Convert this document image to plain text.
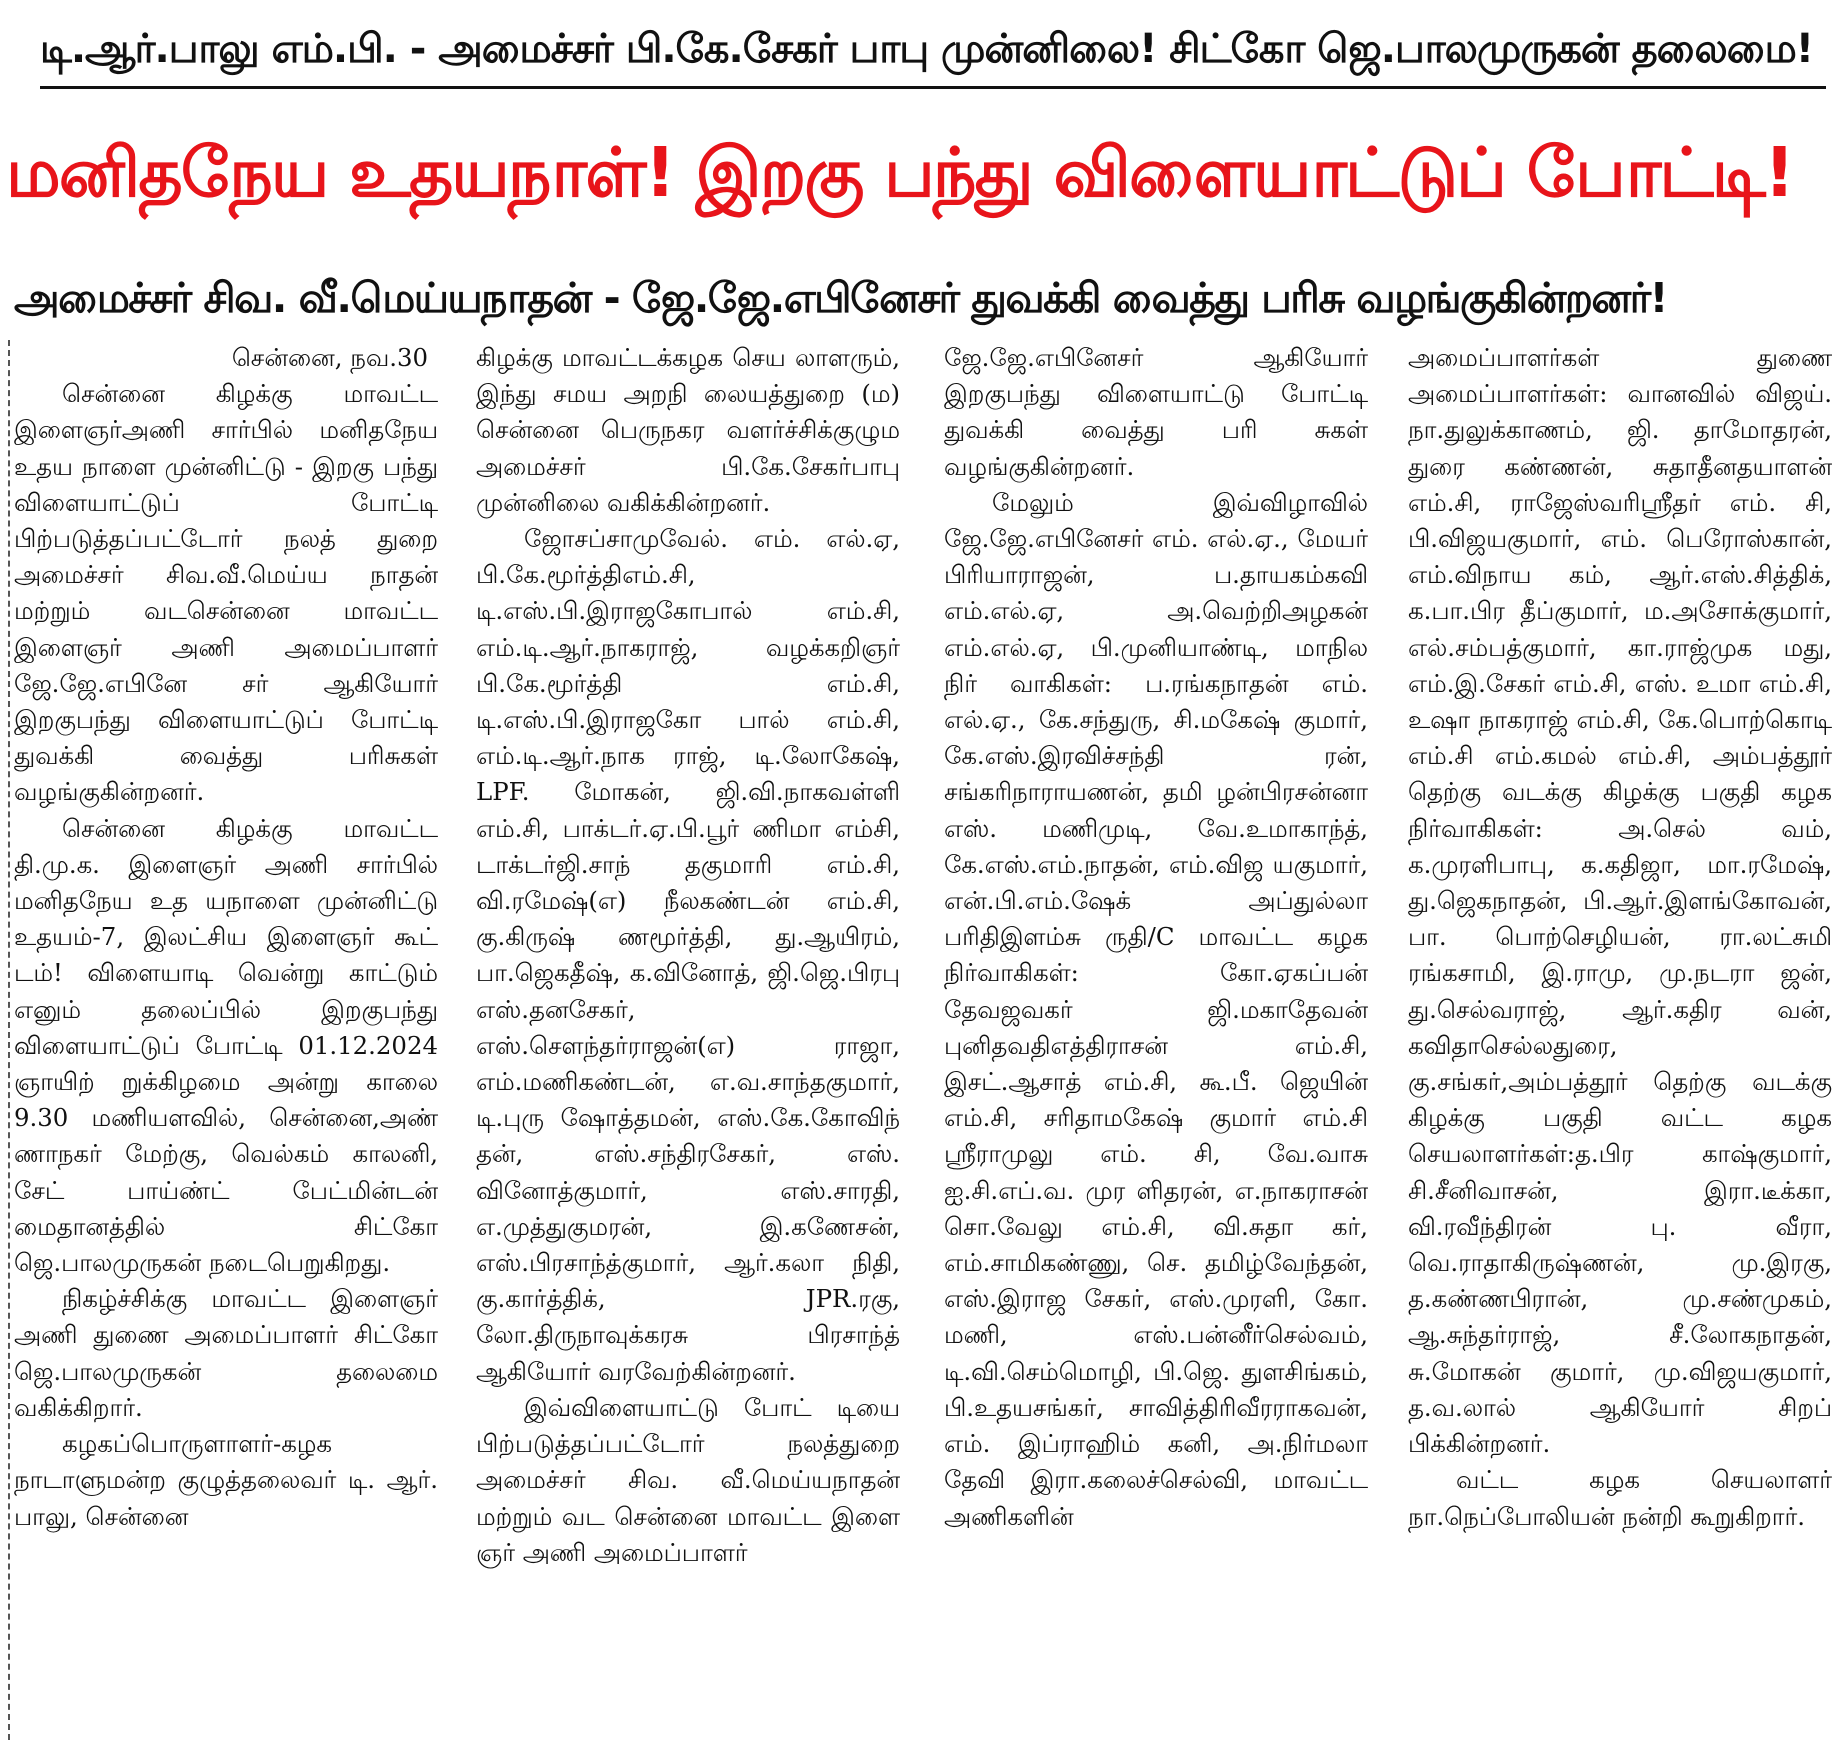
டி.ஆர்.பாலு எம்.பி. - அமைச்சர் பி.கே.சேகர் பாபு முன்னிலை! சிட்கோ ஜெ.பாலமுருகன் தலைமை!
மனிதநேய உதயநாள்! இறகு பந்து விளையாட்டுப் போட்டி!
அமைச்சர் சிவ. வீ.மெய்யநாதன் - ஜே.ஜே.எபினேசர் துவக்கி வைத்து பரிசு வழங்குகின்றனர்!

சென்னை, நவ.30

சென்னை கிழக்கு மாவட்ட இளைஞர்அணி சார்பில் மனிதநேய உதய நாளை முன்னிட்டு - இறகு பந்து விளையாட்டுப் போட்டி பிற்படுத்தப்பட்டோர் நலத் துறை அமைச்சர் சிவ.வீ.மெய்ய நாதன் மற்றும் வடசென்னை மாவட்ட இளைஞர் அணி அமைப்பாளர் ஜே.ஜே.எபினே சர் ஆகியோர் இறகுபந்து விளையாட்டுப் போட்டி துவக்கி வைத்து பரிசுகள் வழங்குகின்றனர்.

சென்னை கிழக்கு மாவட்ட தி.மு.க. இளைஞர் அணி சார்பில் மனிதநேய உத யநாளை முன்னிட்டு உதயம்-7, இலட்சிய இளைஞர் கூட் டம்! விளையாடி வென்று காட்டும் எனும் தலைப்பில் இறகுபந்து விளையாட்டுப் போட்டி 01.12.2024 ஞாயிற் றுக்கிழமை அன்று காலை 9.30 மணியளவில், சென்னை,அண் ணாநகர் மேற்கு, வெல்கம் காலனி, சேட் பாய்ண்ட் பேட்மின்டன் மைதானத்தில் சிட்கோ ஜெ.பாலமுருகன் நடைபெறுகிறது.

நிகழ்ச்சிக்கு மாவட்ட இளைஞர் அணி துணை அமைப்பாளர் சிட்கோ ஜெ.பாலமுருகன் தலைமை வகிக்கிறார்.

கழகப்பொருளாளர்-கழக நாடாளுமன்ற குழுத்தலைவர் டி. ஆர். பாலு, சென்னை

கிழக்கு மாவட்டக்கழக செய லாளரும், இந்து சமய அறநி லையத்துறை (ம) சென்னை பெருநகர வளர்ச்சிக்குழும அமைச்சர் பி.கே.சேகர்பாபு முன்னிலை வகிக்கின்றனர்.

ஜோசப்சாமுவேல். எம். எல்.ஏ, பி.கே.மூர்த்திஎம்.சி, டி.எஸ்.பி.இராஜகோபால் எம்.சி, எம்.டி.ஆர்.நாகராஜ், வழக்கறிஞர் பி.கே.மூர்த்தி எம்.சி, டி.எஸ்.பி.இராஜகோ பால் எம்.சி, எம்.டி.ஆர்.நாக ராஜ், டி.லோகேஷ், LPF. மோகன், ஜி.வி.நாகவள்ளி எம்.சி, பாக்டர்.ஏ.பி.பூர் ணிமா எம்சி, டாக்டர்ஜி.சாந் தகுமாரி எம்.சி, வி.ரமேஷ்(எ) நீலகண்டன் எம்.சி, கு.கிருஷ் ணமூர்த்தி, து.ஆயிரம், பா.ஜெகதீஷ், க.வினோத், ஜி.ஜெ.பிரபு எஸ்.தனசேகர், எஸ்.சௌந்தர்ராஜன்(எ) ராஜா, எம்.மணிகண்டன், எ.வ.சாந்தகுமார், டி.புரு ஷோத்தமன், எஸ்.கே.கோவிந் தன், எஸ்.சந்திரசேகர், எஸ். வினோத்குமார், எஸ்.சாரதி, எ.முத்துகுமரன், இ.கணேசன், எஸ்.பிரசாந்த்குமார், ஆர்.கலா நிதி, கு.கார்த்திக், JPR.ரகு, லோ.திருநாவுக்கரசு பிரசாந்த் ஆகியோர் வரவேற்கின்றனர்.

இவ்விளையாட்டு போட் டியை பிற்படுத்தப்பட்டோர் நலத்துறை அமைச்சர் சிவ. வீ.மெய்யநாதன் மற்றும் வட சென்னை மாவட்ட இளை ஞர் அணி அமைப்பாளர்

ஜே.ஜே.எபினேசர் ஆகியோர் இறகுபந்து விளையாட்டு போட்டி துவக்கி வைத்து பரி சுகள் வழங்குகின்றனர்.

மேலும் இவ்விழாவில் ஜே.ஜே.எபினேசர் எம். எல்.ஏ., மேயர் பிரியாராஜன், ப.தாயகம்கவி எம்.எல்.ஏ, அ.வெற்றிஅழகன் எம்.எல்.ஏ, பி.முனியாண்டி, மாநில நிர் வாகிகள்: ப.ரங்கநாதன் எம். எல்.ஏ., கே.சந்துரு, சி.மகேஷ் குமார், கே.எஸ்.இரவிச்சந்தி ரன், சங்கரிநாராயணன், தமி ழன்பிரசன்னா எஸ். மணிமுடி, வே.உமாகாந்த், கே.எஸ்.எம்.நாதன், எம்.விஜ யகுமார், என்.பி.எம்.ஷேக் அப்துல்லா பரிதிஇளம்சு ருதி/C மாவட்ட கழக நிர்வாகிகள்: கோ.ஏகப்பன் தேவஜவகர் ஜி.மகாதேவன் புனிதவதிஎத்திராசன் எம்.சி, இசட்.ஆசாத் எம்.சி, கூ.பீ. ஜெயின் எம்.சி, சரிதாமகேஷ் குமார் எம்.சி ஸ்ரீராமுலு எம். சி, வே.வாசு ஐ.சி.எப்.வ. முர ளிதரன், எ.நாகராசன் சொ.வேலு எம்.சி, வி.சுதா கர், எம்.சாமிகண்ணு, செ. தமிழ்வேந்தன், எஸ்.இராஜ சேகர், எஸ்.முரளி, கோ. மணி, எஸ்.பன்னீர்செல்வம், டி.வி.செம்மொழி, பி.ஜெ. துளசிங்கம், பி.உதயசங்கர், சாவித்திரிவீரராகவன், எம். இப்ராஹிம் கனி, அ.நிர்மலா தேவி இரா.கலைச்செல்வி, மாவட்ட அணிகளின்

அமைப்பாளர்கள் துணை அமைப்பாளர்கள்: வானவில் விஜய். நா.துலுக்காணம், ஜி. தாமோதரன், துரை கண்ணன், சுதாதீனதயாளன் எம்.சி, ராஜேஸ்வரிஸ்ரீதர் எம். சி, பி.விஜயகுமார், எம். பெரோஸ்கான், எம்.விநாய கம், ஆர்.எஸ்.சித்திக், க.பா.பிர தீப்குமார், ம.அசோக்குமார், எல்.சம்பத்குமார், கா.ராஜ்முக மது, எம்.இ.சேகர் எம்.சி, எஸ். உமா எம்.சி, உஷா நாகராஜ் எம்.சி, கே.பொற்கொடி எம்.சி எம்.கமல் எம்.சி, அம்பத்தூர் தெற்கு வடக்கு கிழக்கு பகுதி கழக நிர்வாகிகள்: அ.செல் வம், க.முரளிபாபு, க.கதிஜா, மா.ரமேஷ், து.ஜெகநாதன், பி.ஆர்.இளங்கோவன், பா. பொற்செழியன், ரா.லட்சுமி ரங்கசாமி, இ.ராமு, மு.நடரா ஜன், து.செல்வராஜ், ஆர்.கதிர வன், கவிதாசெல்லதுரை, கு.சங்கர்,அம்பத்தூர் தெற்கு வடக்கு கிழக்கு பகுதி வட்ட கழக செயலாளர்கள்:த.பிர காஷ்குமார், சி.சீனிவாசன், இரா.டீக்கா, வி.ரவீந்திரன் பு. வீரா, வெ.ராதாகிருஷ்ணன், மு.இரகு, த.கண்ணபிரான், மு.சண்முகம், ஆ.சுந்தர்ராஜ், சீ.லோகநாதன், சு.மோகன் குமார், மு.விஜயகுமார், த.வ.லால் ஆகியோர் சிறப் பிக்கின்றனர்.

வட்ட கழக செயலாளர் நா.நெப்போலியன் நன்றி கூறுகிறார்.
